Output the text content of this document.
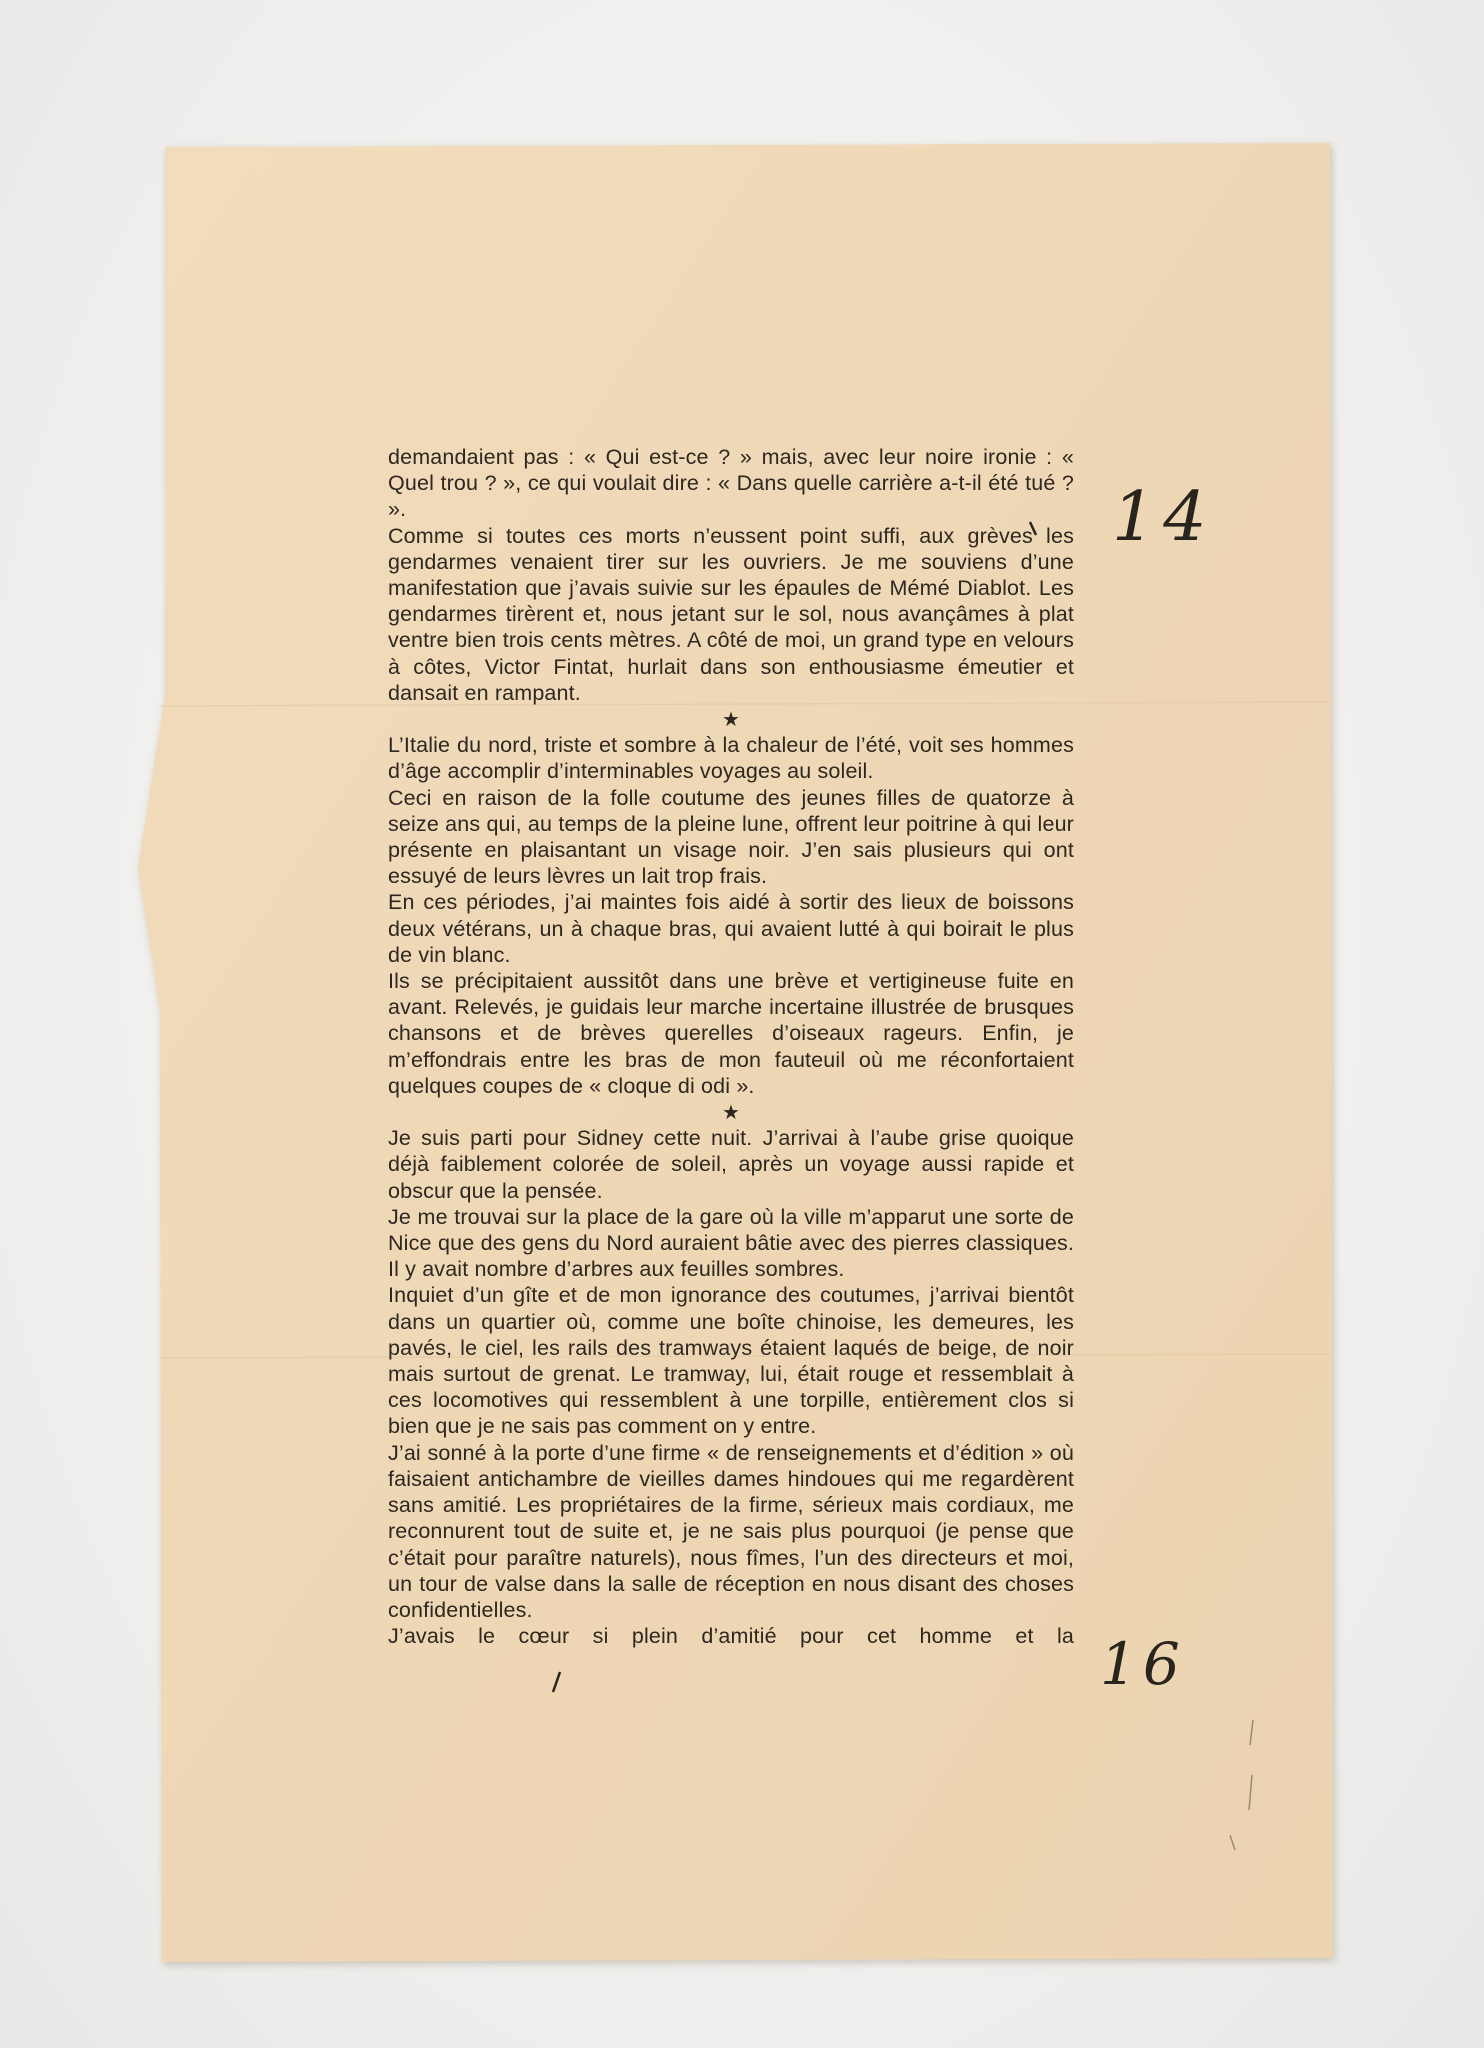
demandaient pas : « Qui est-ce ? » mais, avec leur noire ironie : « Quel trou ? », ce qui voulait dire : « Dans quelle carrière a-t-il été tué ? ».

Comme si toutes ces morts n’eussent point suffi, aux grèves les gendarmes venaient tirer sur les ouvriers. Je me souviens d’une manifestation que j’avais suivie sur les épaules de Mémé Diablot. Les gendarmes tirèrent et, nous jetant sur le sol, nous avançâmes à plat ventre bien trois cents mètres. A côté de moi, un grand type en velours à côtes, Victor Fintat, hurlait dans son enthousiasme émeutier et dansait en rampant.

★

L’Italie du nord, triste et sombre à la chaleur de l’été, voit ses hommes d’âge accomplir d’interminables voyages au soleil.

Ceci en raison de la folle coutume des jeunes filles de quatorze à seize ans qui, au temps de la pleine lune, offrent leur poitrine à qui leur présente en plaisantant un visage noir. J’en sais plusieurs qui ont essuyé de leurs lèvres un lait trop frais.

En ces périodes, j’ai maintes fois aidé à sortir des lieux de boissons deux vétérans, un à chaque bras, qui avaient lutté à qui boirait le plus de vin blanc.

Ils se précipitaient aussitôt dans une brève et vertigineuse fuite en avant. Relevés, je guidais leur marche incertaine illustrée de brusques chansons et de brèves querelles d’oiseaux rageurs. Enfin, je m’effondrais entre les bras de mon fauteuil où me réconfortaient quelques coupes de « cloque di odi ».

★

Je suis parti pour Sidney cette nuit. J’arrivai à l’aube grise quoique déjà faiblement colorée de soleil, après un voyage aussi rapide et obscur que la pensée.

Je me trouvai sur la place de la gare où la ville m’apparut une sorte de Nice que des gens du Nord auraient bâtie avec des pierres classiques. Il y avait nombre d’arbres aux feuilles sombres.

Inquiet d’un gîte et de mon ignorance des coutumes, j’arrivai bientôt dans un quartier où, comme une boîte chinoise, les demeures, les pavés, le ciel, les rails des tramways étaient laqués de beige, de noir mais surtout de grenat. Le tramway, lui, était rouge et ressemblait à ces locomotives qui ressemblent à une torpille, entièrement clos si bien que je ne sais pas comment on y entre.

J’ai sonné à la porte d’une firme « de renseignements et d’édition » où faisaient antichambre de vieilles dames hindoues qui me regardèrent sans amitié. Les propriétaires de la firme, sérieux mais cordiaux, me reconnurent tout de suite et, je ne sais plus pourquoi (je pense que c’était pour paraître naturels), nous fîmes, l’un des directeurs et moi, un tour de valse dans la salle de réception en nous disant des choses confidentielles.

J’avais le cœur si plein d’amitié pour cet homme et la

14
16
